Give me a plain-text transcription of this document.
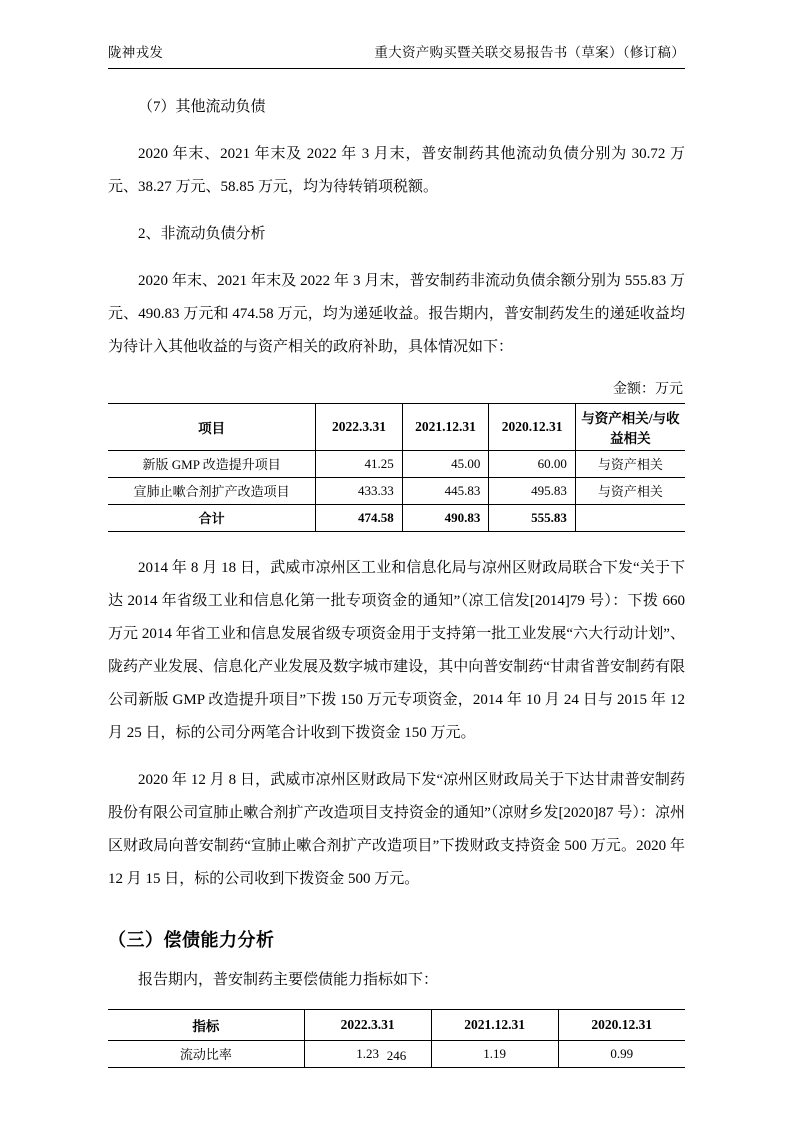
陇神戎发	重大资产购买暨关联交易报告书（草案）（修订稿）

（7）其他流动负债

2020 年末、2021 年末及 2022 年 3 月末，普安制药其他流动负债分别为 30.72 万元、38.27 万元、58.85 万元，均为待转销项税额。

2、非流动负债分析

2020 年末、2021 年末及 2022 年 3 月末，普安制药非流动负债余额分别为 555.83 万元、490.83 万元和 474.58 万元，均为递延收益。报告期内，普安制药发生的递延收益均为待计入其他收益的与资产相关的政府补助，具体情况如下：

金额：万元
项目	2022.3.31	2021.12.31	2020.12.31	与资产相关/与收益相关
新版 GMP 改造提升项目	41.25	45.00	60.00	与资产相关
宣肺止嗽合剂扩产改造项目	433.33	445.83	495.83	与资产相关
合计	474.58	490.83	555.83	

2014 年 8 月 18 日，武威市凉州区工业和信息化局与凉州区财政局联合下发“关于下达 2014 年省级工业和信息化第一批专项资金的通知”（凉工信发[2014]79 号）：下拨 660 万元 2014 年省工业和信息发展省级专项资金用于支持第一批工业发展“六大行动计划”、陇药产业发展、信息化产业发展及数字城市建设，其中向普安制药“甘肃省普安制药有限公司新版 GMP 改造提升项目”下拨 150 万元专项资金，2014 年 10 月 24 日与 2015 年 12 月 25 日，标的公司分两笔合计收到下拨资金 150 万元。

2020 年 12 月 8 日，武威市凉州区财政局下发“凉州区财政局关于下达甘肃普安制药股份有限公司宣肺止嗽合剂扩产改造项目支持资金的通知”（凉财乡发[2020]87 号）：凉州区财政局向普安制药“宣肺止嗽合剂扩产改造项目”下拨财政支持资金 500 万元。2020 年 12 月 15 日，标的公司收到下拨资金 500 万元。

（三）偿债能力分析

报告期内，普安制药主要偿债能力指标如下：

指标	2022.3.31	2021.12.31	2020.12.31
流动比率	1.23	1.19	0.99
246
